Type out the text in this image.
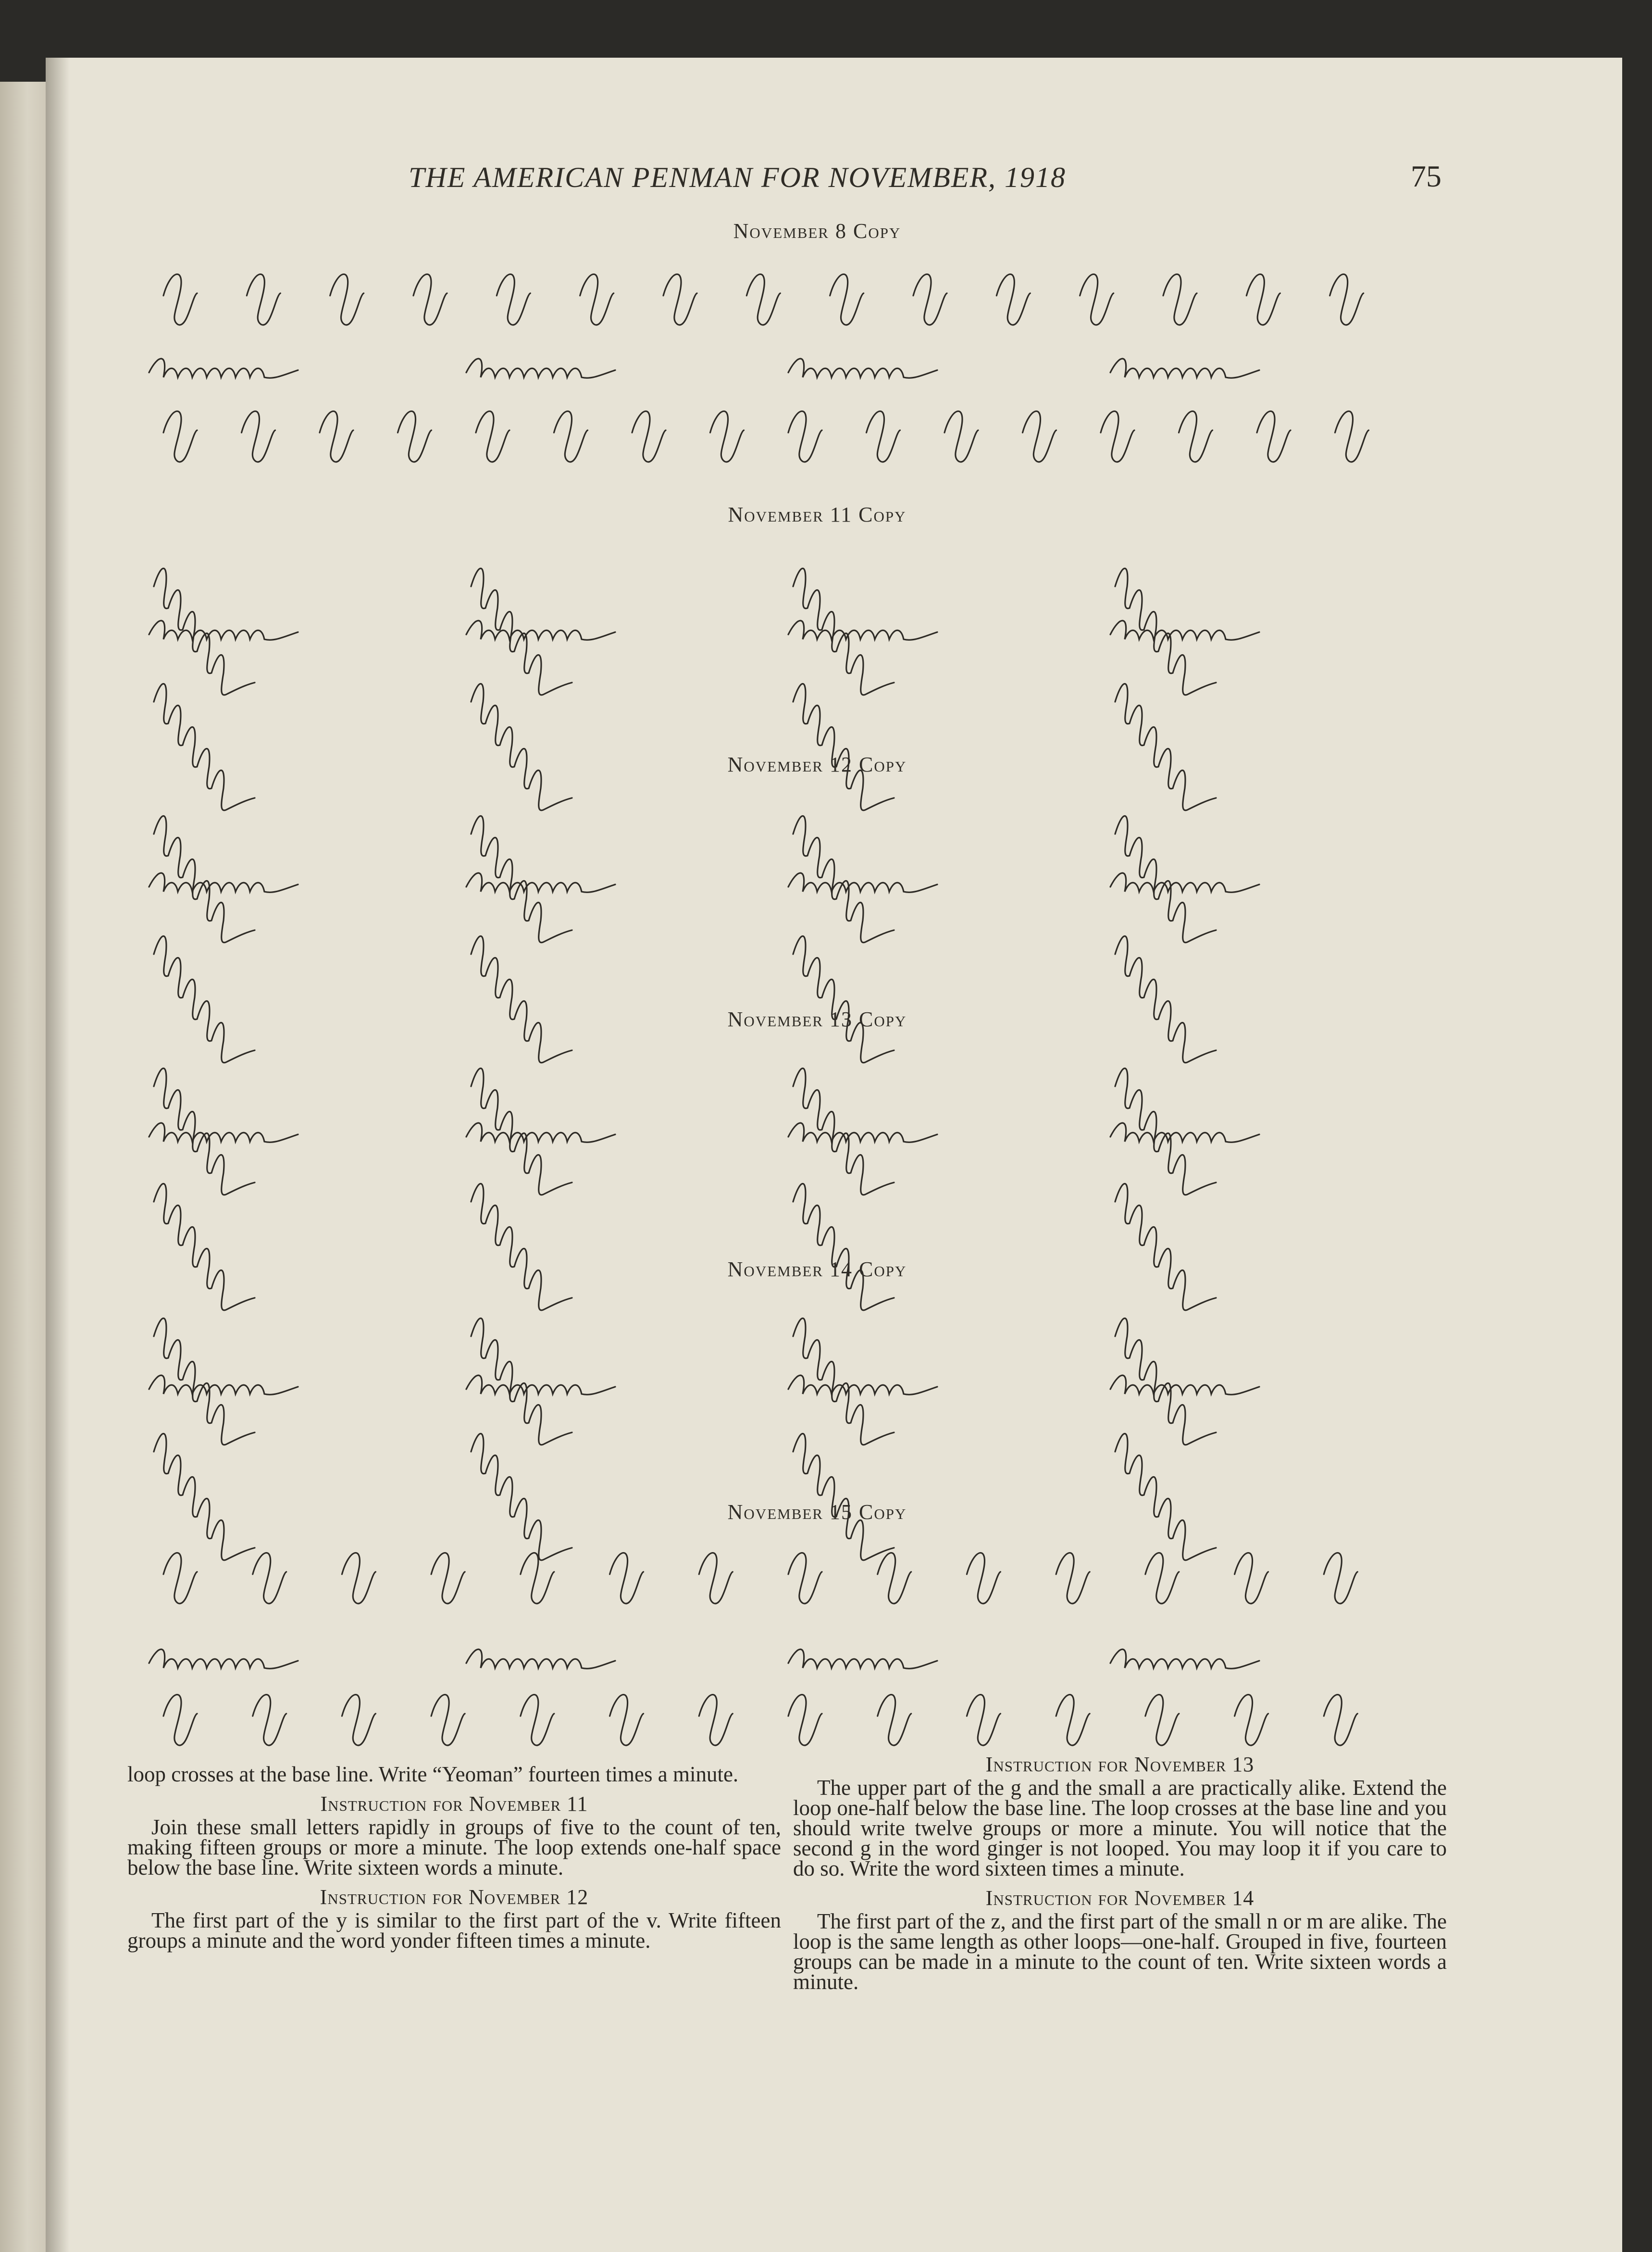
THE AMERICAN PENMAN FOR NOVEMBER, 1918	75
November 8 Copy
November 11 Copy
November 12 Copy
November 13 Copy
November 14 Copy
November 15 Copy

loop crosses at the base line. Write “Yeoman” fourteen times a minute.

Instruction for November 11

Join these small letters rapidly in groups of five to the count of ten, making fifteen groups or more a minute. The loop extends one-half space below the base line. Write sixteen words a minute.

Instruction for November 12

The first part of the y is similar to the first part of the v. Write fifteen groups a minute and the word yonder fifteen times a minute.

Instruction for November 13

The upper part of the g and the small a are practically alike. Extend the loop one-half below the base line. The loop crosses at the base line and you should write twelve groups or more a minute. You will notice that the second g in the word ginger is not looped. You may loop it if you care to do so. Write the word sixteen times a minute.

Instruction for November 14

The first part of the z, and the first part of the small n or m are alike. The loop is the same length as other loops—one-half. Grouped in five, fourteen groups can be made in a minute to the count of ten. Write sixteen words a minute.
